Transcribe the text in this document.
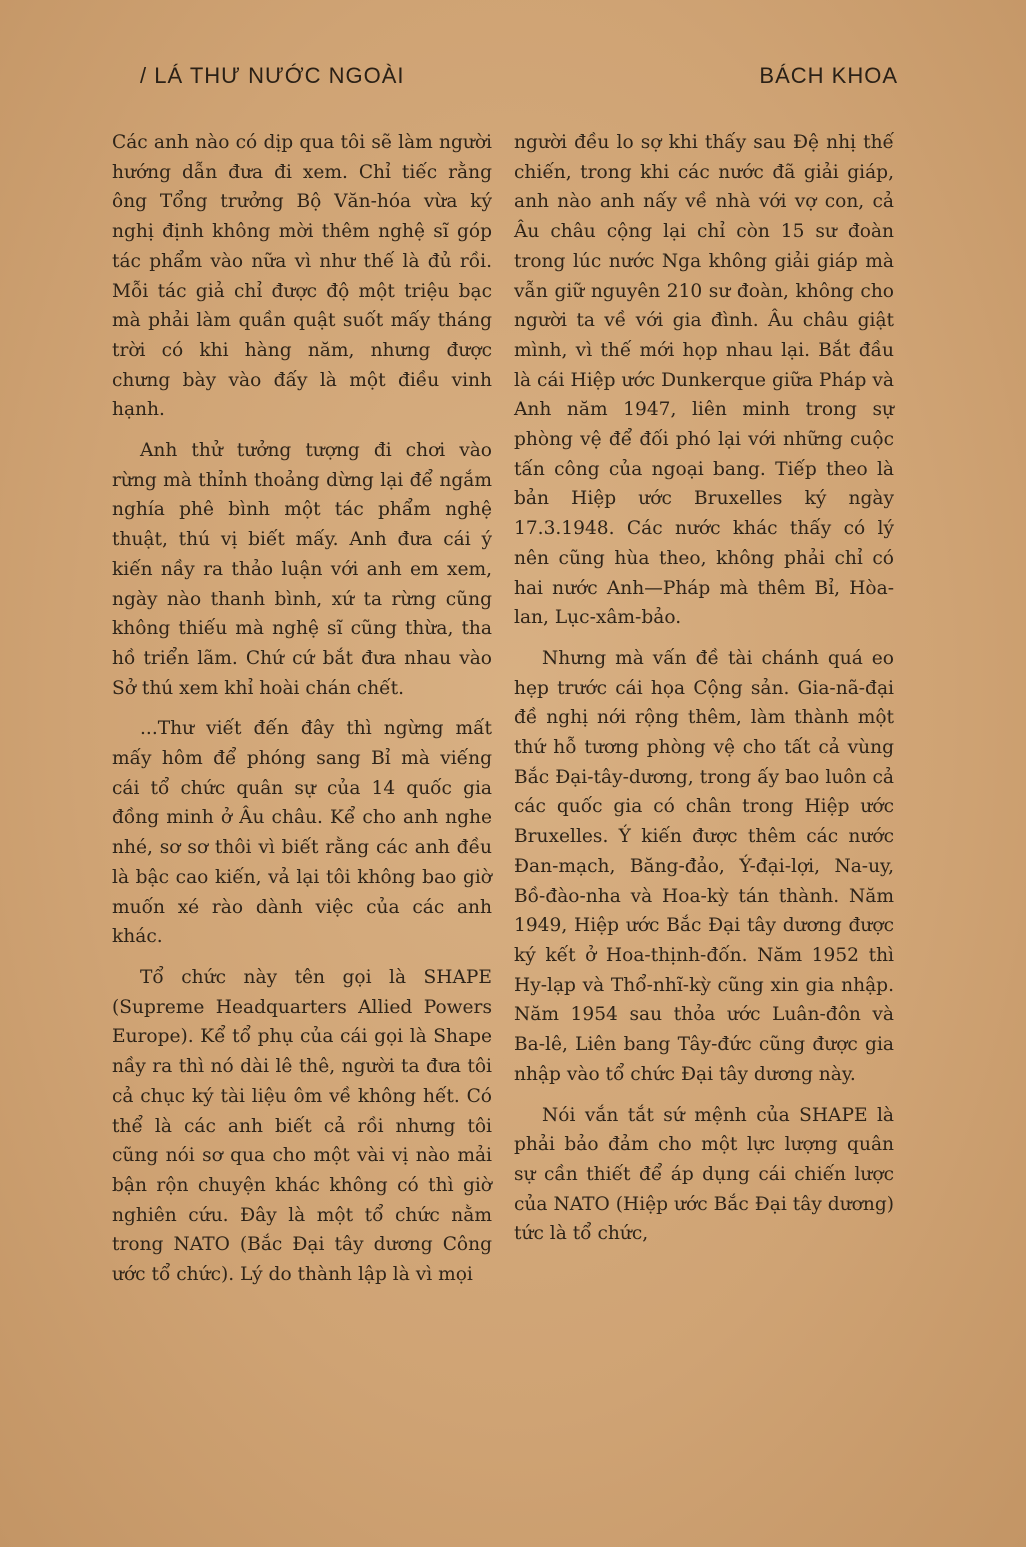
/ LÁ THƯ NƯỚC NGOÀI	BÁCH KHOA

Các anh nào có dịp qua tôi sẽ làm người hướng dẫn đưa đi xem. Chỉ tiếc rằng ông Tổng trưởng Bộ Văn-hóa vừa ký nghị định không mời thêm nghệ sĩ góp tác phẩm vào nữa vì như thế là đủ rồi. Mỗi tác giả chỉ được độ một triệu bạc mà phải làm quần quật suốt mấy tháng trời có khi hàng năm, nhưng được chưng bày vào đấy là một điều vinh hạnh.

Anh thử tưởng tượng đi chơi vào rừng mà thỉnh thoảng dừng lại để ngắm nghía phê bình một tác phẩm nghệ thuật, thú vị biết mấy. Anh đưa cái ý kiến nầy ra thảo luận với anh em xem, ngày nào thanh bình, xứ ta rừng cũng không thiếu mà nghệ sĩ cũng thừa, tha hồ triển lãm. Chứ cứ bắt đưa nhau vào Sở thú xem khỉ hoài chán chết.

...Thư viết đến đây thì ngừng mất mấy hôm để phóng sang Bỉ mà viếng cái tổ chức quân sự của 14 quốc gia đồng minh ở Âu châu. Kể cho anh nghe nhé, sơ sơ thôi vì biết rằng các anh đều là bậc cao kiến, vả lại tôi không bao giờ muốn xé rào dành việc của các anh khác.

Tổ chức này tên gọi là SHAPE (Supreme Headquarters Allied Powers Europe). Kể tổ phụ của cái gọi là Shape nầy ra thì nó dài lê thê, người ta đưa tôi cả chục ký tài liệu ôm về không hết. Có thể là các anh biết cả rồi nhưng tôi cũng nói sơ qua cho một vài vị nào mải bận rộn chuyện khác không có thì giờ nghiên cứu. Đây là một tổ chức nằm trong NATO (Bắc Đại tây dương Công ước tổ chức). Lý do thành lập là vì mọi

người đều lo sợ khi thấy sau Đệ nhị thế chiến, trong khi các nước đã giải giáp, anh nào anh nấy về nhà với vợ con, cả Âu châu cộng lại chỉ còn 15 sư đoàn trong lúc nước Nga không giải giáp mà vẫn giữ nguyên 210 sư đoàn, không cho người ta về với gia đình. Âu châu giật mình, vì thế mới họp nhau lại. Bắt đầu là cái Hiệp ước Dunkerque giữa Pháp và Anh năm 1947, liên minh trong sự phòng vệ để đối phó lại với những cuộc tấn công của ngoại bang. Tiếp theo là bản Hiệp ước Bruxelles ký ngày 17.3.1948. Các nước khác thấy có lý nên cũng hùa theo, không phải chỉ có hai nước Anh—Pháp mà thêm Bỉ, Hòa-lan, Lục-xâm-bảo.

Nhưng mà vấn đề tài chánh quá eo hẹp trước cái họa Cộng sản. Gia-nã-đại đề nghị nới rộng thêm, làm thành một thứ hỗ tương phòng vệ cho tất cả vùng Bắc Đại-tây-dương, trong ấy bao luôn cả các quốc gia có chân trong Hiệp ước Bruxelles. Ý kiến được thêm các nước Đan-mạch, Băng-đảo, Ý-đại-lợi, Na-uy, Bồ-đào-nha và Hoa-kỳ tán thành. Năm 1949, Hiệp ước Bắc Đại tây dương được ký kết ở Hoa-thịnh-đốn. Năm 1952 thì Hy-lạp và Thổ-nhĩ-kỳ cũng xin gia nhập. Năm 1954 sau thỏa ước Luân-đôn và Ba-lê, Liên bang Tây-đức cũng được gia nhập vào tổ chức Đại tây dương này.

Nói vắn tắt sứ mệnh của SHAPE là phải bảo đảm cho một lực lượng quân sự cần thiết để áp dụng cái chiến lược của NATO (Hiệp ước Bắc Đại tây dương) tức là tổ chức,
